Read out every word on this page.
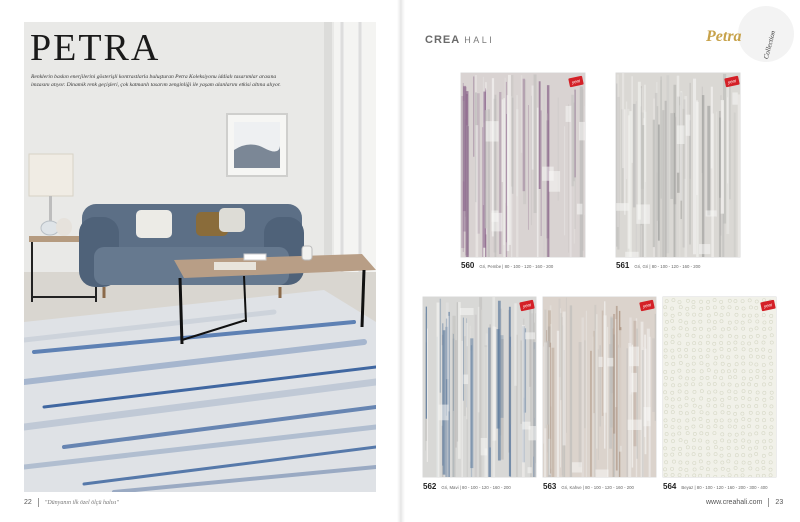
PETRA
Renklerin baskın enerjilerini gösterişli kontrastlarla buluşturan Petra Koleksiyonu iddialı tasarımlar arasına imzasını atıyor. Dinamik renk geçişleri, çok katmanlı tasarım zenginliği ile yaşam alanlarını etkisi altına alıyor.
22 "Dünyanın ilk özel ölçü halısı"
CREA HALI	Petra	Collection
yeni
560 Gri, Pembe | 80 - 100 - 120 - 160 - 200
yeni
561 Gri, Gri | 80 - 100 - 120 - 160 - 200
yeni
562 Gri, Mavi | 80 - 100 - 120 - 160 - 200
yeni
563 Gri, Kahve | 80 - 100 - 120 - 160 - 200
yeni
564 Beyaz | 80 - 100 - 120 - 160 - 200 - 300 - 400
www.creahali.com 23
